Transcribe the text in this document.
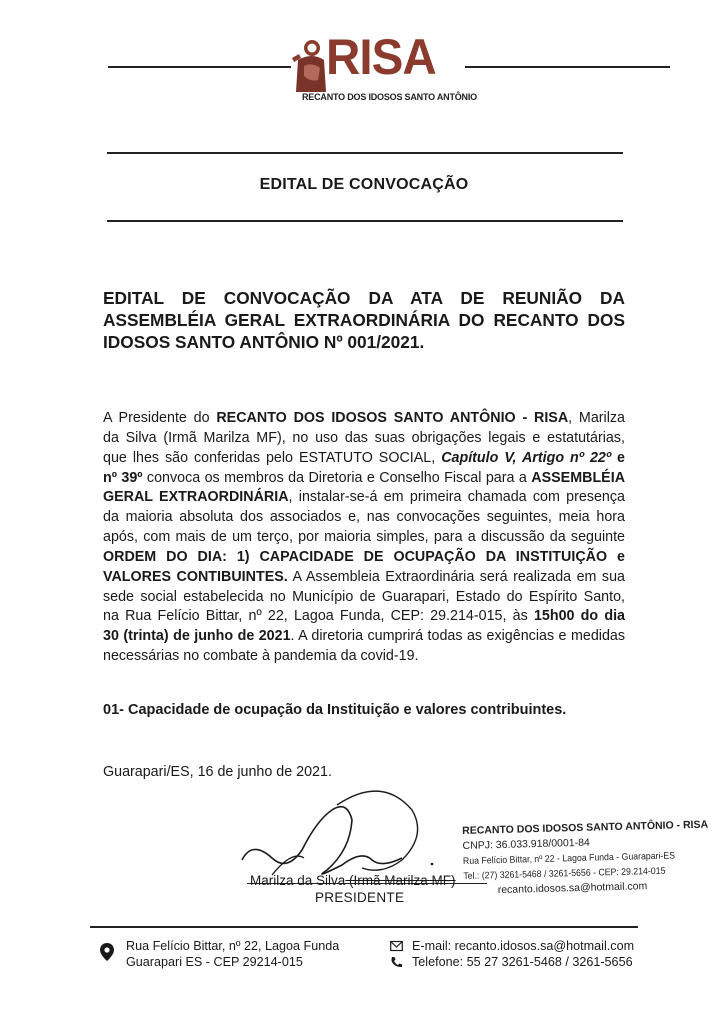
RISA
RECANTO DOS IDOSOS SANTO ANTÔNIO
EDITAL DE CONVOCAÇÃO
EDITAL DE CONVOCAÇÃO DA ATA DE REUNIÃO DA
ASSEMBLÉIA GERAL EXTRAORDINÁRIA DO RECANTO DOS
IDOSOS SANTO ANTÔNIO Nº 001/2021.
A Presidente do RECANTO DOS IDOSOS SANTO ANTÔNIO - RISA, Marilza
da Silva (Irmã Marilza MF), no uso das suas obrigações legais e estatutárias,
que lhes são conferidas pelo ESTATUTO SOCIAL, Capítulo V, Artigo nº 22º e
nº 39º convoca os membros da Diretoria e Conselho Fiscal para a ASSEMBLÉIA
GERAL EXTRAORDINÁRIA, instalar-se-á em primeira chamada com presença
da maioria absoluta dos associados e, nas convocações seguintes, meia hora
após, com mais de um terço, por maioria simples, para a discussão da seguinte
ORDEM DO DIA: 1) CAPACIDADE DE OCUPAÇÃO DA INSTITUIÇÃO e
VALORES CONTIBUINTES. A Assembleia Extraordinária será realizada em sua
sede social estabelecida no Município de Guarapari, Estado do Espírito Santo,
na Rua Felício Bittar, nº 22, Lagoa Funda, CEP: 29.214-015, às 15h00 do dia
30 (trinta) de junho de 2021. A diretoria cumprirá todas as exigências e medidas
necessárias no combate à pandemia da covid-19.
01- Capacidade de ocupação da Instituição e valores contribuintes.
Guarapari/ES, 16 de junho de 2021.
Marilza da Silva (Irmã Marilza MF)
PRESIDENTE
RECANTO DOS IDOSOS SANTO ANTÔNIO - RISA
CNPJ: 36.033.918/0001-84
Rua Felício Bittar, nº 22 - Lagoa Funda - Guarapari-ES
Tel.: (27) 3261-5468 / 3261-5656 - CEP: 29.214-015
recanto.idosos.sa@hotmail.com
Rua Felício Bittar, nº 22, Lagoa Funda
Guarapari ES - CEP 29214-015
E-mail: recanto.idosos.sa@hotmail.com
Telefone: 55 27 3261-5468 / 3261-5656
